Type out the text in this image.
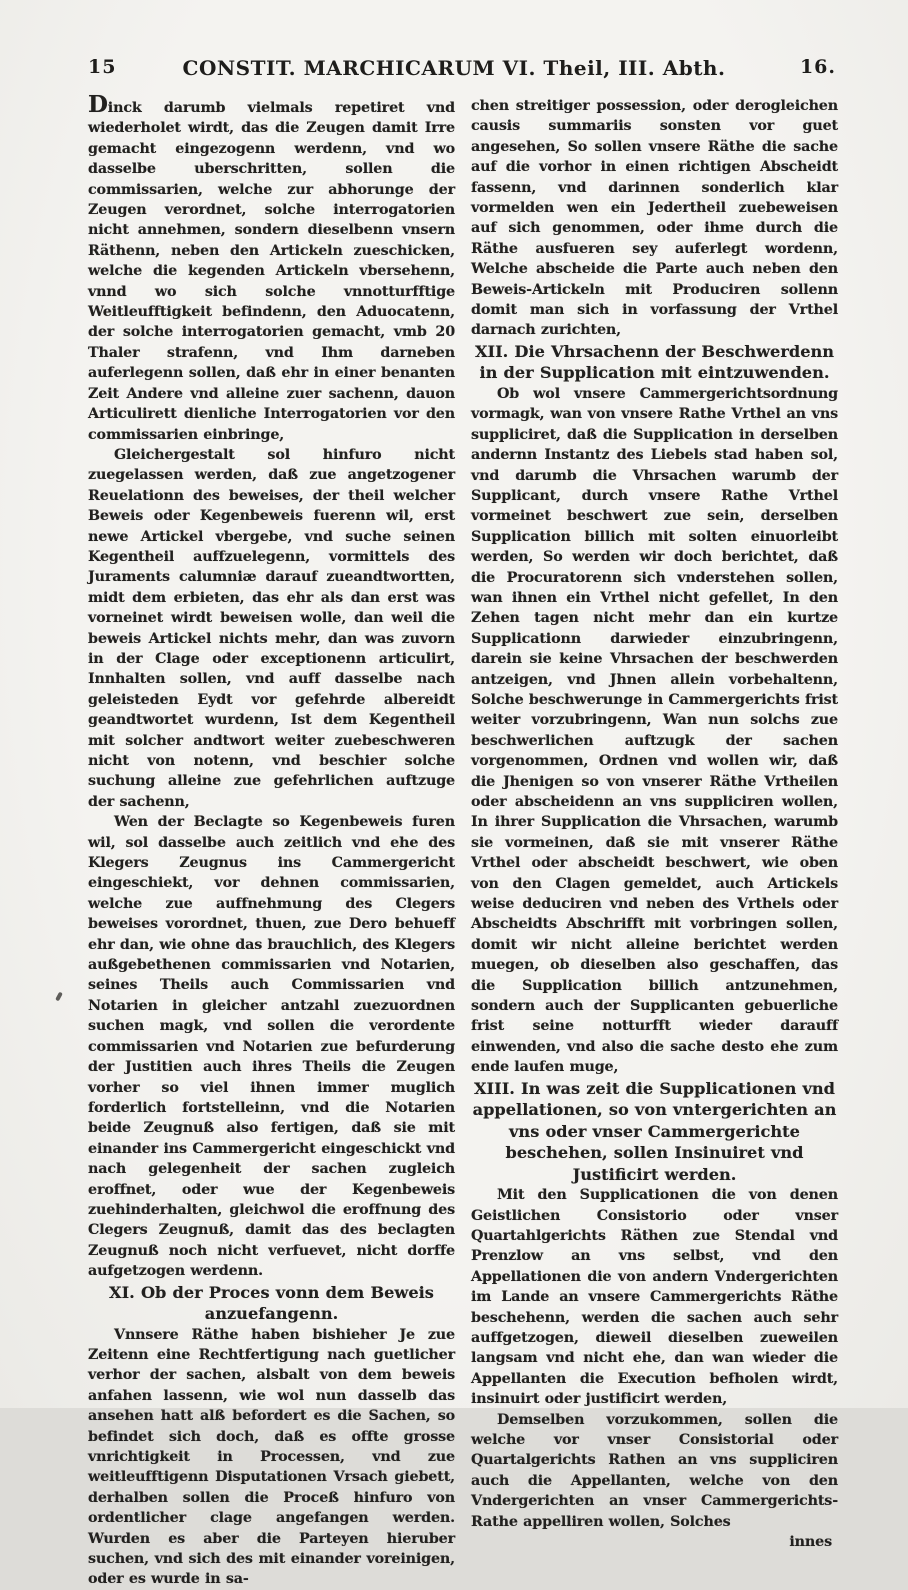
15	CONSTIT. MARCHICARUM VI. Theil, III. Abth.	16.

Dinck darumb vielmals repetiret vnd wiederholet wirdt, das die Zeugen damit Irre gemacht eingezogenn werdenn, vnd wo dasselbe uberschritten, sollen die commissarien, welche zur abhorunge der Zeugen verordnet, solche interrogatorien nicht annehmen, sondern dieselbenn vnsern Räthenn, neben den Artickeln zueschicken, welche die kegenden Artickeln vbersehenn, vnnd wo sich solche vnnotturfftige Weitleufftigkeit befindenn, den Aduocatenn, der solche interrogatorien gemacht, vmb 20 Thaler strafenn, vnd Ihm darneben auferlegenn sollen, daß ehr in einer benanten Zeit Andere vnd alleine zuer sachenn, dauon Articulirett dienliche Interrogatorien vor den commissarien einbringe,

Gleichergestalt sol hinfuro nicht zuegelassen werden, daß zue angetzogener Reuelationn des beweises, der theil welcher Beweis oder Kegenbeweis fuerenn wil, erst newe Artickel vbergebe, vnd suche seinen Kegentheil auffzuelegenn, vormittels des Juraments calumniæ darauf zueandtwortten, midt dem erbieten, das ehr als dan erst was vorneinet wirdt beweisen wolle, dan weil die beweis Artickel nichts mehr, dan was zuvorn in der Clage oder exceptionenn articulirt, Innhalten sollen, vnd auff dasselbe nach geleisteden Eydt vor gefehrde albereidt geandtwortet wurdenn, Ist dem Kegentheil mit solcher andtwort weiter zuebeschweren nicht von notenn, vnd beschier solche suchung alleine zue gefehrlichen auftzuge der sachenn,

Wen der Beclagte so Kegenbeweis furen wil, sol dasselbe auch zeitlich vnd ehe des Klegers Zeugnus ins Cammergericht eingeschiekt, vor dehnen commissarien, welche zue auffnehmung des Clegers beweises vorordnet, thuen, zue Dero behueff ehr dan, wie ohne das brauchlich, des Klegers außgebethenen commissarien vnd Notarien, seines Theils auch Commissarien vnd Notarien in gleicher antzahl zuezuordnen suchen magk, vnd sollen die verordente commissarien vnd Notarien zue befurderung der Justitien auch ihres Theils die Zeugen vorher so viel ihnen immer muglich forderlich fortstelleinn, vnd die Notarien beide Zeugnuß also fertigen, daß sie mit einander ins Cammergericht eingeschickt vnd nach gelegenheit der sachen zugleich eroffnet, oder wue der Kegenbeweis zuehinderhalten, gleichwol die eroffnung des Clegers Zeugnuß, damit das des beclagten Zeugnuß noch nicht verfuevet, nicht dorffe aufgetzogen werdenn.

XI. Ob der Proces vonn dem Beweis anzuefangenn.

Vnnsere Räthe haben bishieher Je zue Zeitenn eine Rechtfertigung nach guetlicher verhor der sachen, alsbalt von dem beweis anfahen lassenn, wie wol nun dasselb das ansehen hatt alß befordert es die Sachen, so befindet sich doch, daß es offte grosse vnrichtigkeit in Processen, vnd zue weitleufftigenn Disputationen Vrsach giebett, derhalben sollen die Proceß hinfuro von ordentlicher clage angefangen werden. Wurden es aber die Parteyen hieruber suchen, vnd sich des mit einander voreinigen, oder es wurde in sa-

chen streitiger possession, oder derogleichen causis summariis sonsten vor guet angesehen, So sollen vnsere Räthe die sache auf die vorhor in einen richtigen Abscheidt fassenn, vnd darinnen sonderlich klar vormelden wen ein Jedertheil zuebeweisen auf sich genommen, oder ihme durch die Räthe ausfueren sey auferlegt wordenn, Welche abscheide die Parte auch neben den Beweis-Artickeln mit Produciren sollenn domit man sich in vorfassung der Vrthel darnach zurichten,

XII. Die Vhrsachenn der Beschwerdenn in der Supplication mit eintzuwenden.

Ob wol vnsere Cammergerichtsordnung vormagk, wan von vnsere Rathe Vrthel an vns suppliciret, daß die Supplication in derselben andernn Instantz des Liebels stad haben sol, vnd darumb die Vhrsachen warumb der Supplicant, durch vnsere Rathe Vrthel vormeinet beschwert zue sein, derselben Supplication billich mit solten einuorleibt werden, So werden wir doch berichtet, daß die Procuratorenn sich vnderstehen sollen, wan ihnen ein Vrthel nicht gefellet, In den Zehen tagen nicht mehr dan ein kurtze Supplicationn darwieder einzubringenn, darein sie keine Vhrsachen der beschwerden antzeigen, vnd Jhnen allein vorbehaltenn, Solche beschwerunge in Cammergerichts frist weiter vorzubringenn, Wan nun solchs zue beschwerlichen auftzugk der sachen vorgenommen, Ordnen vnd wollen wir, daß die Jhenigen so von vnserer Räthe Vrtheilen oder abscheidenn an vns suppliciren wollen, In ihrer Supplication die Vhrsachen, warumb sie vormeinen, daß sie mit vnserer Räthe Vrthel oder abscheidt beschwert, wie oben von den Clagen gemeldet, auch Artickels weise deduciren vnd neben des Vrthels oder Abscheidts Abschrifft mit vorbringen sollen, domit wir nicht alleine berichtet werden muegen, ob dieselben also geschaffen, das die Supplication billich antzunehmen, sondern auch der Supplicanten gebuerliche frist seine notturfft wieder darauff einwenden, vnd also die sache desto ehe zum ende laufen muge,

XIII. In was zeit die Supplicationen vnd appellationen, so von vntergerichten an vns oder vnser Cammergerichte beschehen, sollen Insinuiret vnd Justificirt werden.

Mit den Supplicationen die von denen Geistlichen Consistorio oder vnser Quartahlgerichts Räthen zue Stendal vnd Prenzlow an vns selbst, vnd den Appellationen die von andern Vndergerichten im Lande an vnsere Cammergerichts Räthe beschehenn, werden die sachen auch sehr auffgetzogen, dieweil dieselben zueweilen langsam vnd nicht ehe, dan wan wieder die Appellanten die Execution befholen wirdt, insinuirt oder justificirt werden,

Demselben vorzukommen, sollen die welche vor vnser Consistorial oder Quartalgerichts Rathen an vns suppliciren auch die Appellanten, welche von den Vndergerichten an vnser Cammergerichts-Rathe appelliren wollen, Solches

innes
